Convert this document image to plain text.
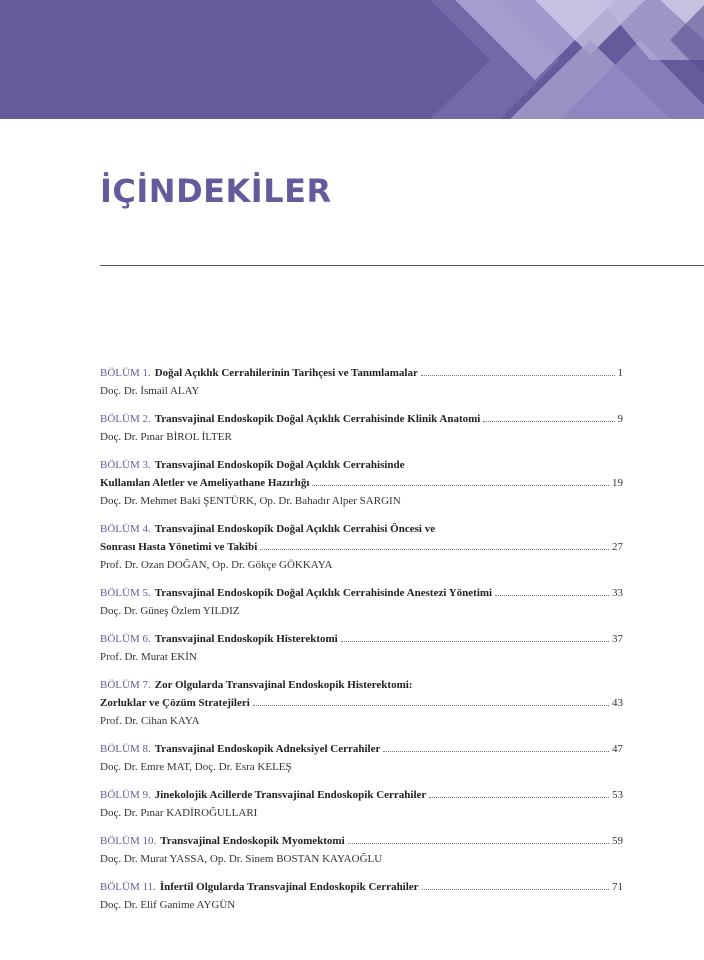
İÇİNDEKİLER
BÖLÜM 1. Doğal Açıklık Cerrahilerinin Tarihçesi ve Tanımlamalar	1
Doç. Dr. İsmail ALAY
BÖLÜM 2. Transvajinal Endoskopik Doğal Açıklık Cerrahisinde Klinik Anatomi	9
Doç. Dr. Pınar BİROL İLTER
BÖLÜM 3. Transvajinal Endoskopik Doğal Açıklık Cerrahisinde
Kullanılan Aletler ve Ameliyathane Hazırlığı	19
Doç. Dr. Mehmet Baki ŞENTÜRK, Op. Dr. Bahadır Alper SARGIN
BÖLÜM 4. Transvajinal Endoskopik Doğal Açıklık Cerrahisi Öncesi ve
Sonrası Hasta Yönetimi ve Takibi	27
Prof. Dr. Ozan DOĞAN, Op. Dr. Gökçe GÖKKAYA
BÖLÜM 5. Transvajinal Endoskopik Doğal Açıklık Cerrahisinde Anestezi Yönetimi	33
Doç. Dr. Güneş Özlem YILDIZ
BÖLÜM 6. Transvajinal Endoskopik Histerektomi	37
Prof. Dr. Murat EKİN
BÖLÜM 7. Zor Olgularda Transvajinal Endoskopik Histerektomi:
Zorluklar ve Çözüm Stratejileri	43
Prof. Dr. Cihan KAYA
BÖLÜM 8. Transvajinal Endoskopik Adneksiyel Cerrahiler	47
Doç. Dr. Emre MAT, Doç. Dr. Esra KELEŞ
BÖLÜM 9. Jinekolojik Acillerde Transvajinal Endoskopik Cerrahiler	53
Doç. Dr. Pınar KADİROĞULLARI
BÖLÜM 10. Transvajinal Endoskopik Myomektomi	59
Doç. Dr. Murat YASSA, Op. Dr. Sinem BOSTAN KAYAOĞLU
BÖLÜM 11. İnfertil Olgularda Transvajinal Endoskopik Cerrahiler	71
Doç. Dr. Elif Ganime AYGÜN
